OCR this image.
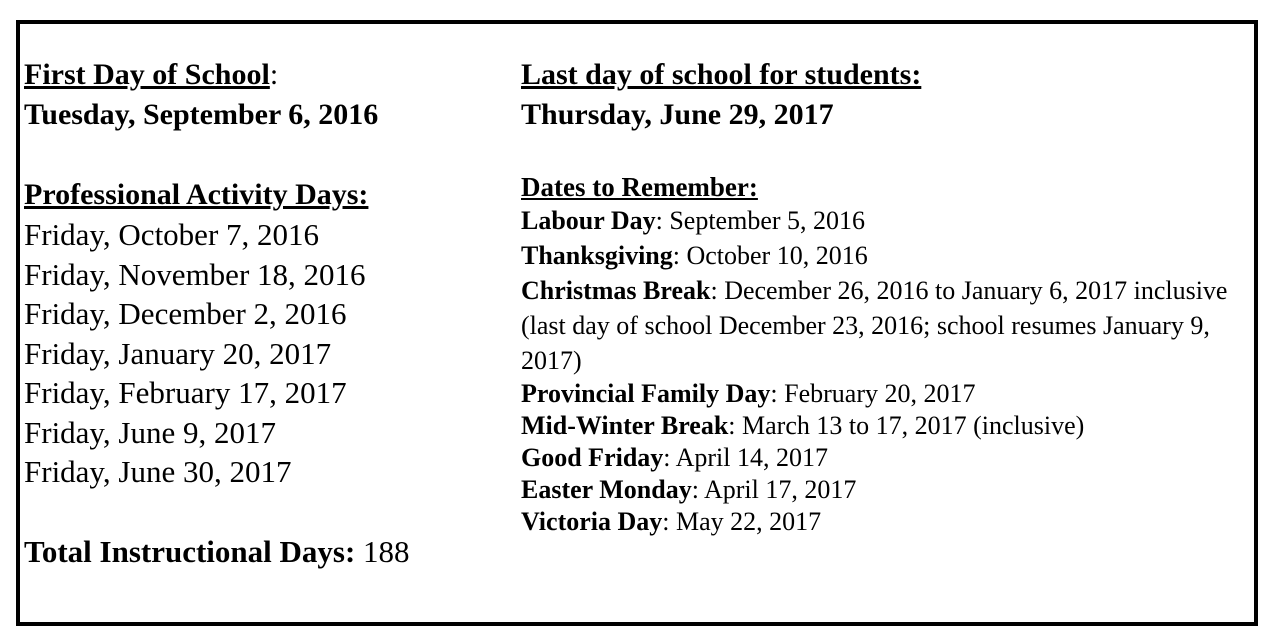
First Day of School:
Tuesday, September 6, 2016
Professional Activity Days:
Friday, October 7, 2016
Friday, November 18, 2016
Friday, December 2, 2016
Friday, January 20, 2017
Friday, February 17, 2017
Friday, June 9, 2017
Friday, June 30, 2017
Total Instructional Days: 188
Last day of school for students:
Thursday, June 29, 2017
Dates to Remember:
Labour Day: September 5, 2016
Thanksgiving: October 10, 2016
Christmas Break: December 26, 2016 to January 6, 2017 inclusive (last day of school December 23, 2016; school resumes January 9, 2017)
Provincial Family Day: February 20, 2017
Mid-Winter Break: March 13 to 17, 2017 (inclusive)
Good Friday: April 14, 2017
Easter Monday: April 17, 2017
Victoria Day: May 22, 2017
